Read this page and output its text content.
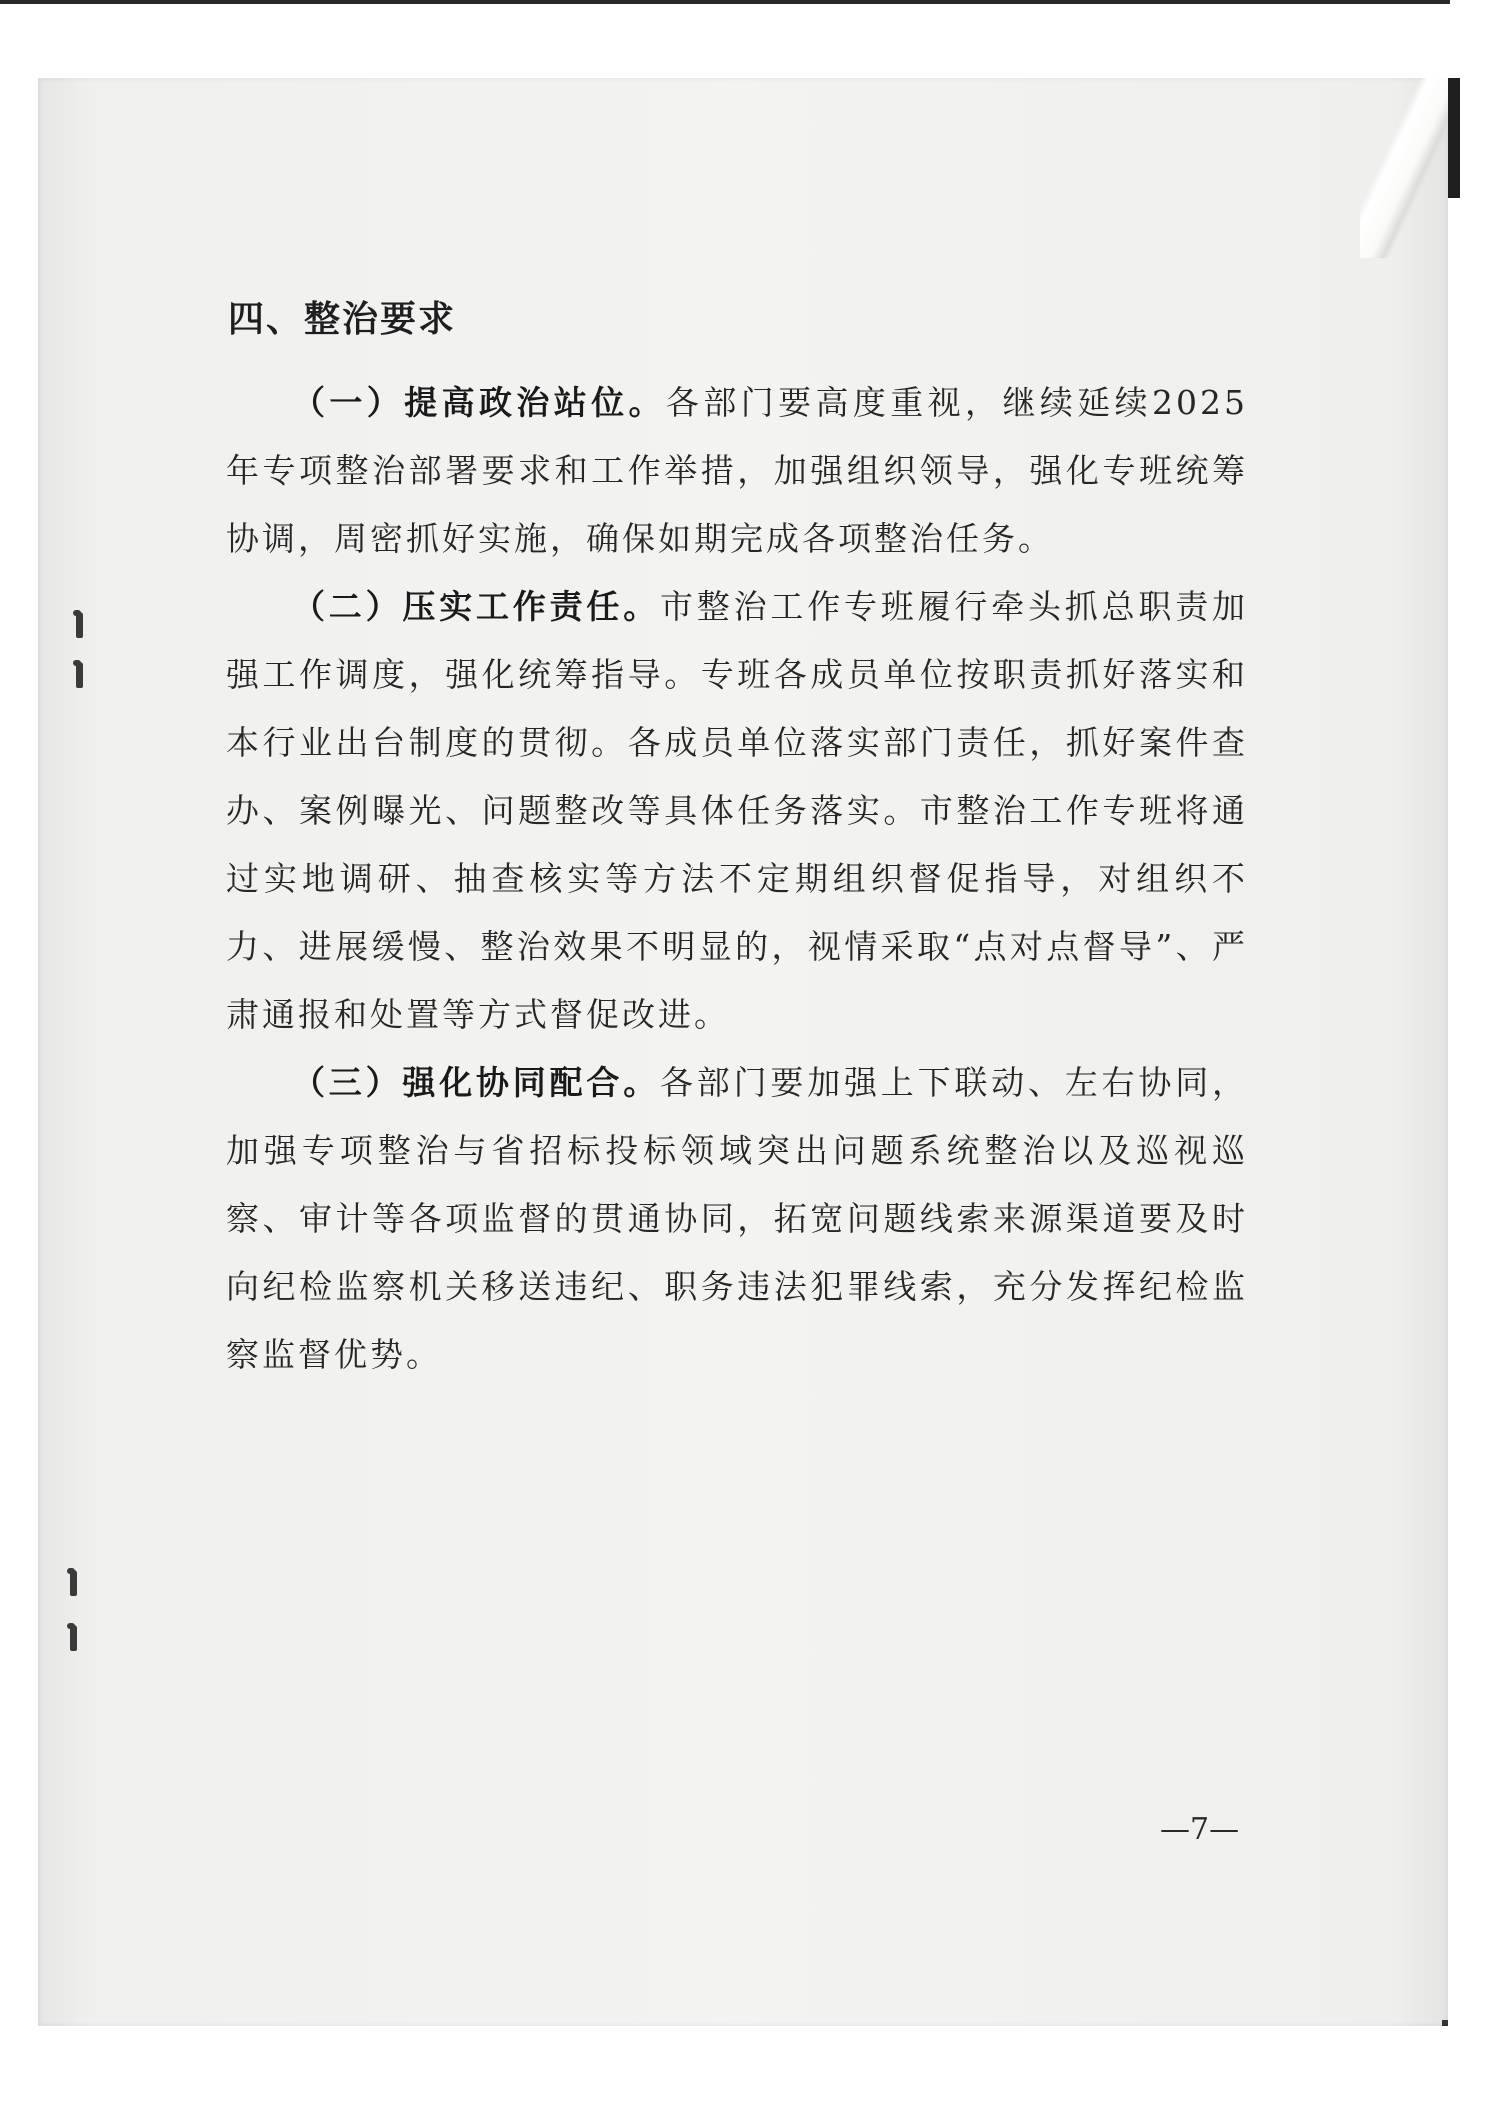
四、整治要求

（一）提高政治站位。各部门要高度重视，继续延续2025年专项整治部署要求和工作举措，加强组织领导，强化专班统筹协调，周密抓好实施，确保如期完成各项整治任务。

（二）压实工作责任。市整治工作专班履行牵头抓总职责加强工作调度，强化统筹指导。专班各成员单位按职责抓好落实和本行业出台制度的贯彻。各成员单位落实部门责任，抓好案件查办、案例曝光、问题整改等具体任务落实。市整治工作专班将通过实地调研、抽查核实等方法不定期组织督促指导，对组织不力、进展缓慢、整治效果不明显的，视情采取“点对点督导”、严肃通报和处置等方式督促改进。

（三）强化协同配合。各部门要加强上下联动、左右协同，加强专项整治与省招标投标领域突出问题系统整治以及巡视巡察、审计等各项监督的贯通协同，拓宽问题线索来源渠道要及时向纪检监察机关移送违纪、职务违法犯罪线索，充分发挥纪检监察监督优势。

—7—
